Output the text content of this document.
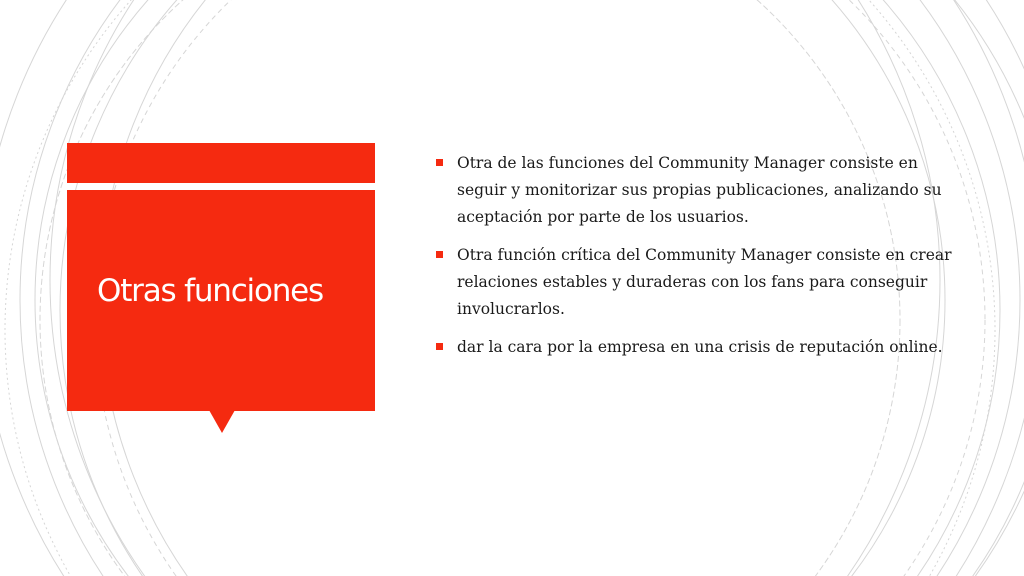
Otras funciones
Otra de las funciones del Community Manager consiste en seguir y monitorizar sus propias publicaciones, analizando su aceptación por parte de los usuarios.
Otra función crítica del Community Manager consiste en crear relaciones estables y duraderas con los fans para conseguir involucrarlos.
dar la cara por la empresa en una crisis de reputación online.
